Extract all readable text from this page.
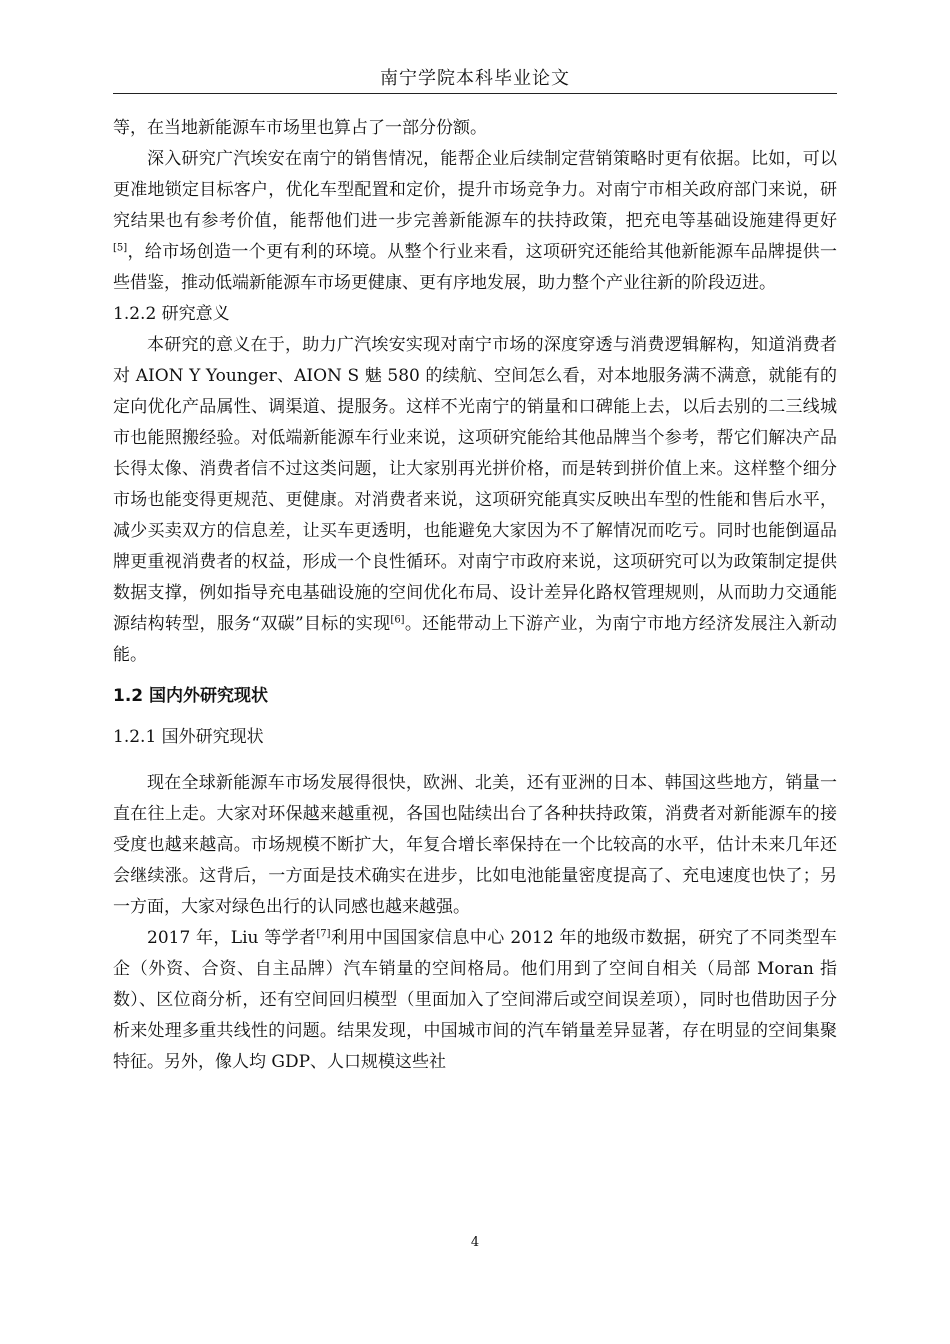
南宁学院本科毕业论文

等，在当地新能源车市场里也算占了一部分份额。

深入研究广汽埃安在南宁的销售情况，能帮企业后续制定营销策略时更有依据。比如，可以更准地锁定目标客户，优化车型配置和定价，提升市场竞争力。对南宁市相关政府部门来说，研究结果也有参考价值，能帮他们进一步完善新能源车的扶持政策，把充电等基础设施建得更好[5]，给市场创造一个更有利的环境。从整个行业来看，这项研究还能给其他新能源车品牌提供一些借鉴，推动低端新能源车市场更健康、更有序地发展，助力整个产业往新的阶段迈进。

1.2.2 研究意义

本研究的意义在于，助力广汽埃安实现对南宁市场的深度穿透与消费逻辑解构，知道消费者对 AION Y Younger、AION S 魅 580 的续航、空间怎么看，对本地服务满不满意，就能有的定向优化产品属性、调渠道、提服务。这样不光南宁的销量和口碑能上去，以后去别的二三线城市也能照搬经验。对低端新能源车行业来说，这项研究能给其他品牌当个参考，帮它们解决产品长得太像、消费者信不过这类问题，让大家别再光拼价格，而是转到拼价值上来。这样整个细分市场也能变得更规范、更健康。对消费者来说，这项研究能真实反映出车型的性能和售后水平，减少买卖双方的信息差，让买车更透明，也能避免大家因为不了解情况而吃亏。同时也能倒逼品牌更重视消费者的权益，形成一个良性循环。对南宁市政府来说，这项研究可以为政策制定提供数据支撑，例如指导充电基础设施的空间优化布局、设计差异化路权管理规则，从而助力交通能源结构转型，服务“双碳”目标的实现[6]。还能带动上下游产业，为南宁市地方经济发展注入新动能。

1.2 国内外研究现状

1.2.1 国外研究现状

现在全球新能源车市场发展得很快，欧洲、北美，还有亚洲的日本、韩国这些地方，销量一直在往上走。大家对环保越来越重视，各国也陆续出台了各种扶持政策，消费者对新能源车的接受度也越来越高。市场规模不断扩大，年复合增长率保持在一个比较高的水平，估计未来几年还会继续涨。这背后，一方面是技术确实在进步，比如电池能量密度提高了、充电速度也快了；另一方面，大家对绿色出行的认同感也越来越强。

2017 年，Liu 等学者[7]利用中国国家信息中心 2012 年的地级市数据，研究了不同类型车企（外资、合资、自主品牌）汽车销量的空间格局。他们用到了空间自相关（局部 Moran 指数）、区位商分析，还有空间回归模型（里面加入了空间滞后或空间误差项），同时也借助因子分析来处理多重共线性的问题。结果发现，中国城市间的汽车销量差异显著，存在明显的空间集聚特征。另外，像人均 GDP、人口规模这些社

4
